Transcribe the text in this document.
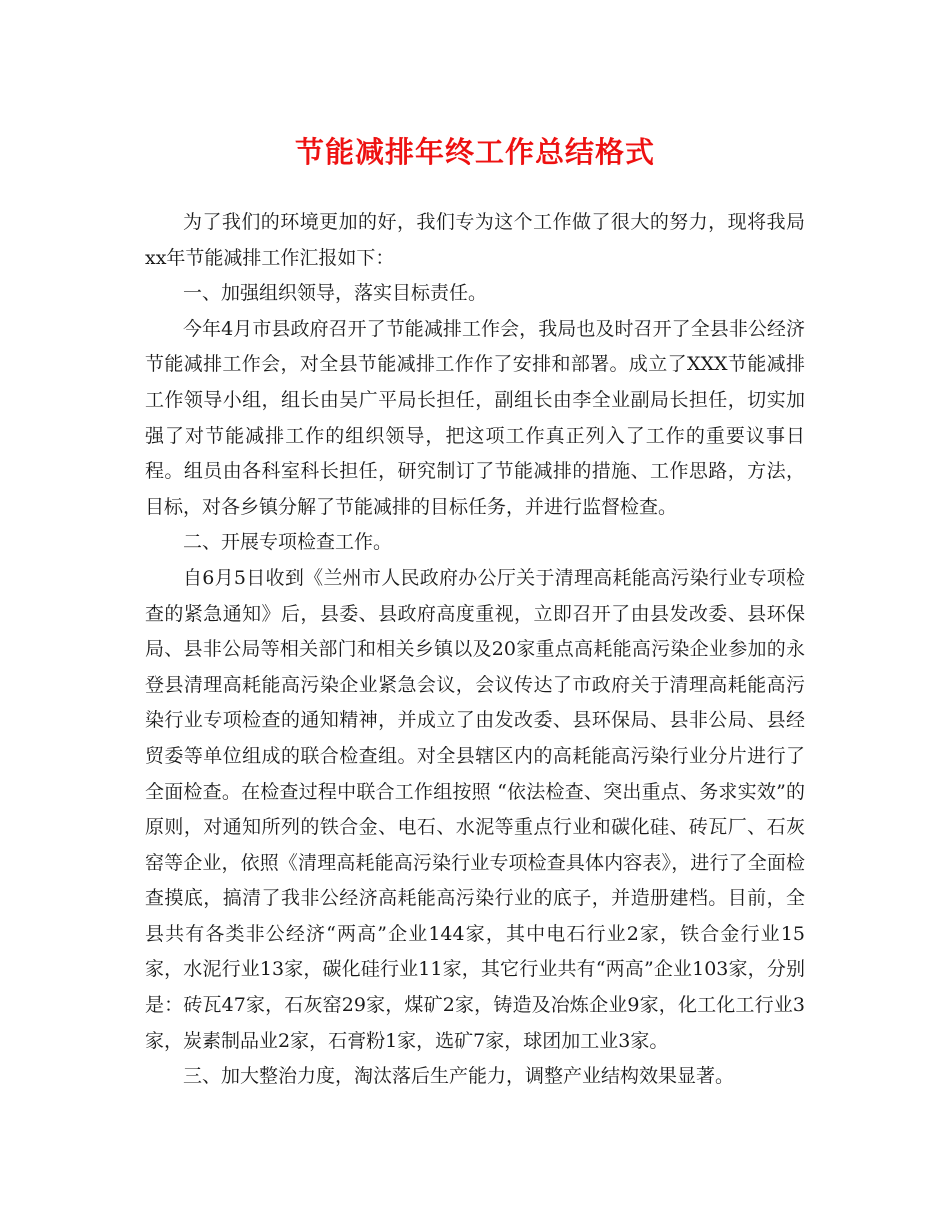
节能减排年终工作总结格式

为了我们的环境更加的好，我们专为这个工作做了很大的努力，现将我局xx年节能减排工作汇报如下：

一、加强组织领导，落实目标责任。

今年4月市县政府召开了节能减排工作会，我局也及时召开了全县非公经济节能减排工作会，对全县节能减排工作作了安排和部署。成立了XXX节能减排工作领导小组，组长由吴广平局长担任，副组长由李全业副局长担任，切实加强了对节能减排工作的组织领导，把这项工作真正列入了工作的重要议事日程。组员由各科室科长担任，研究制订了节能减排的措施、工作思路，方法，目标，对各乡镇分解了节能减排的目标任务，并进行监督检查。

二、开展专项检查工作。

自6月5日收到《兰州市人民政府办公厅关于清理高耗能高污染行业专项检查的紧急通知》后，县委、县政府高度重视，立即召开了由县发改委、县环保局、县非公局等相关部门和相关乡镇以及20家重点高耗能高污染企业参加的永登县清理高耗能高污染企业紧急会议，会议传达了市政府关于清理高耗能高污染行业专项检查的通知精神，并成立了由发改委、县环保局、县非公局、县经贸委等单位组成的联合检查组。对全县辖区内的高耗能高污染行业分片进行了全面检查。在检查过程中联合工作组按照 “依法检查、突出重点、务求实效”的原则，对通知所列的铁合金、电石、水泥等重点行业和碳化硅、砖瓦厂、石灰窑等企业，依照《清理高耗能高污染行业专项检查具体内容表》，进行了全面检查摸底，搞清了我非公经济高耗能高污染行业的底子，并造册建档。目前，全县共有各类非公经济“两高”企业144家，其中电石行业2家，铁合金行业15家，水泥行业13家，碳化硅行业11家，其它行业共有“两高”企业103家，分别是：砖瓦47家，石灰窑29家，煤矿2家，铸造及冶炼企业9家，化工化工行业3家，炭素制品业2家，石膏粉1家，选矿7家，球团加工业3家。

三、加大整治力度，淘汰落后生产能力，调整产业结构效果显著。
